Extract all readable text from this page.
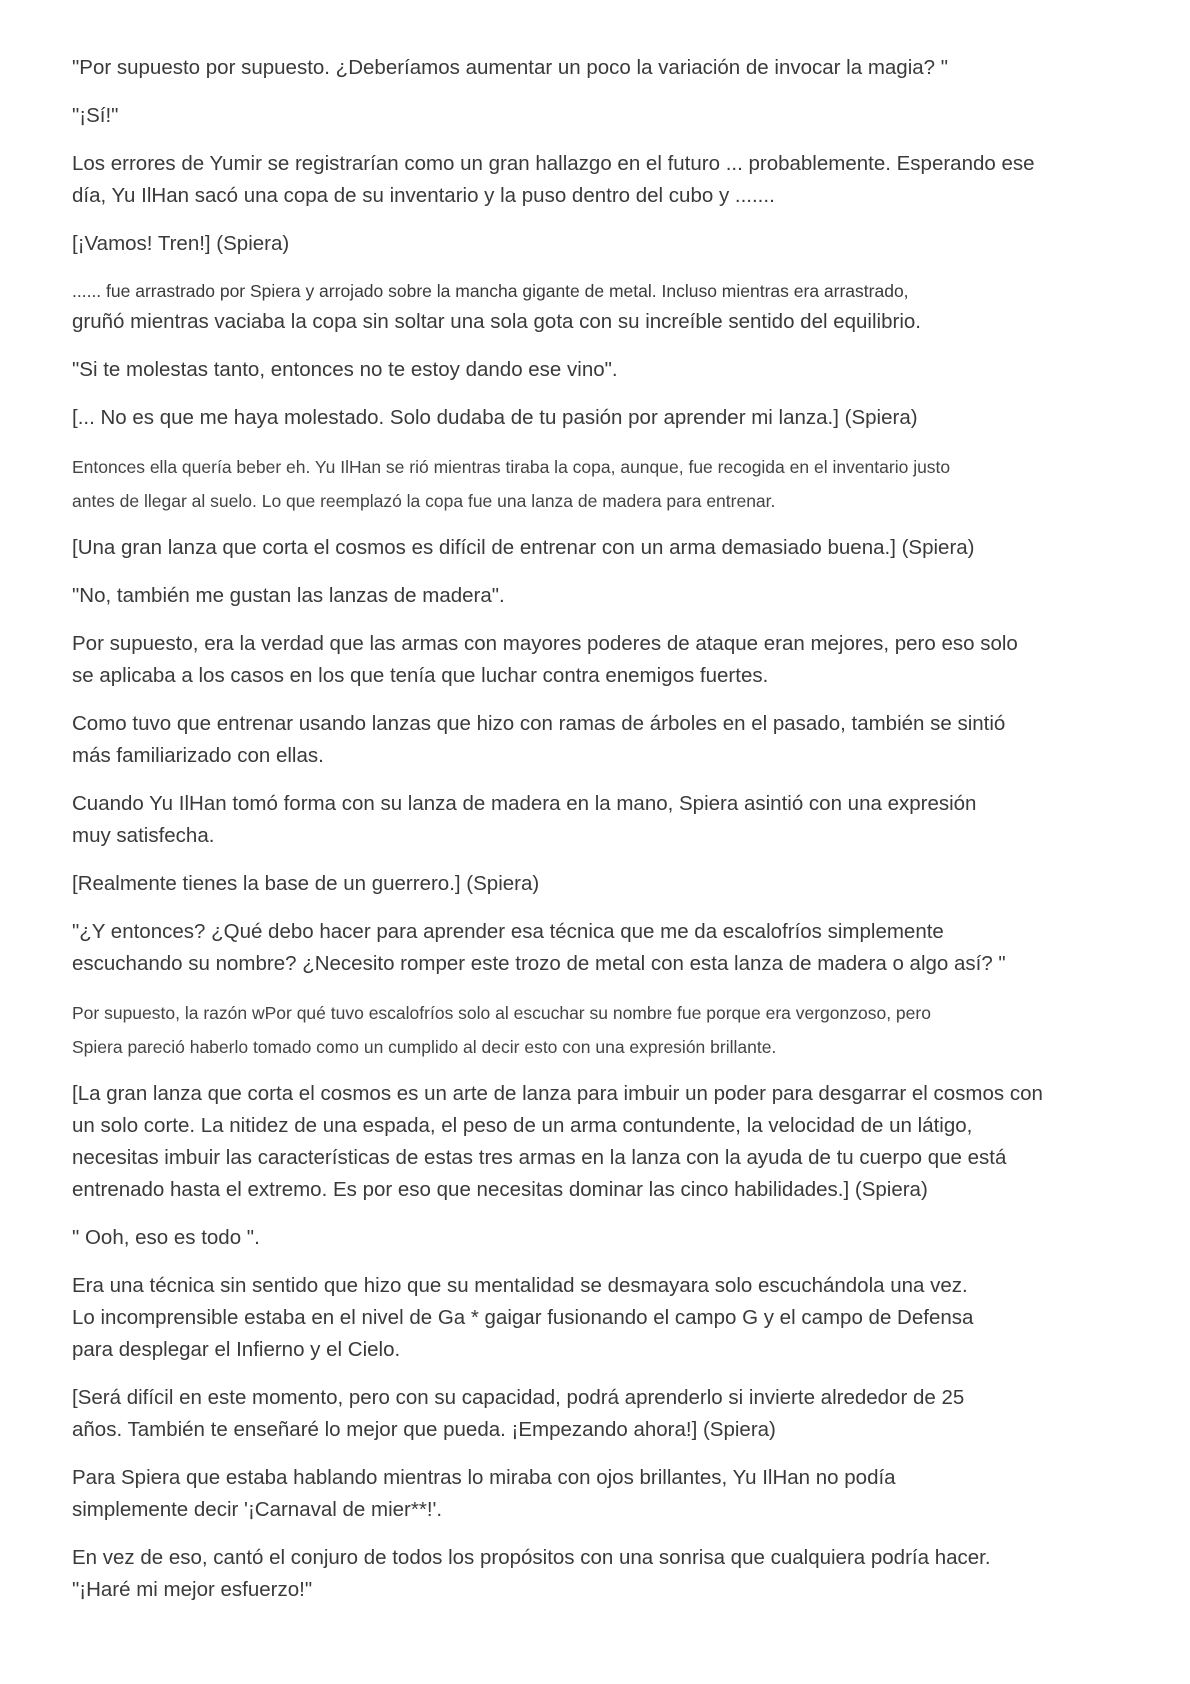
"Por supuesto por supuesto. ¿Deberíamos aumentar un poco la variación de invocar la magia? "
"¡Sí!"
Los errores de Yumir se registrarían como un gran hallazgo en el futuro ... probablemente. Esperando ese
día, Yu IlHan sacó una copa de su inventario y la puso dentro del cubo y .......
[¡Vamos! Tren!] (Spiera)
...... fue arrastrado por Spiera y arrojado sobre la mancha gigante de metal. Incluso mientras era arrastrado,
gruñó mientras vaciaba la copa sin soltar una sola gota con su increíble sentido del equilibrio.
"Si te molestas tanto, entonces no te estoy dando ese vino".
[... No es que me haya molestado. Solo dudaba de tu pasión por aprender mi lanza.] (Spiera)
Entonces ella quería beber eh. Yu IlHan se rió mientras tiraba la copa, aunque, fue recogida en el inventario justo
antes de llegar al suelo. Lo que reemplazó la copa fue una lanza de madera para entrenar.
[Una gran lanza que corta el cosmos es difícil de entrenar con un arma demasiado buena.] (Spiera)
"No, también me gustan las lanzas de madera".
Por supuesto, era la verdad que las armas con mayores poderes de ataque eran mejores, pero eso solo
se aplicaba a los casos en los que tenía que luchar contra enemigos fuertes.
Como tuvo que entrenar usando lanzas que hizo con ramas de árboles en el pasado, también se sintió
más familiarizado con ellas.
Cuando Yu IlHan tomó forma con su lanza de madera en la mano, Spiera asintió con una expresión
muy satisfecha.
[Realmente tienes la base de un guerrero.] (Spiera)
"¿Y entonces? ¿Qué debo hacer para aprender esa técnica que me da escalofríos simplemente
escuchando su nombre? ¿Necesito romper este trozo de metal con esta lanza de madera o algo así? "
Por supuesto, la razón wPor qué tuvo escalofríos solo al escuchar su nombre fue porque era vergonzoso, pero
Spiera pareció haberlo tomado como un cumplido al decir esto con una expresión brillante.
[La gran lanza que corta el cosmos es un arte de lanza para imbuir un poder para desgarrar el cosmos con
un solo corte. La nitidez de una espada, el peso de un arma contundente, la velocidad de un látigo,
necesitas imbuir las características de estas tres armas en la lanza con la ayuda de tu cuerpo que está
entrenado hasta el extremo. Es por eso que necesitas dominar las cinco habilidades.] (Spiera)
" Ooh, eso es todo ".
Era una técnica sin sentido que hizo que su mentalidad se desmayara solo escuchándola una vez.
Lo incomprensible estaba en el nivel de Ga * gaigar fusionando el campo G y el campo de Defensa
para desplegar el Infierno y el Cielo.
[Será difícil en este momento, pero con su capacidad, podrá aprenderlo si invierte alrededor de 25
años. También te enseñaré lo mejor que pueda. ¡Empezando ahora!] (Spiera)
Para Spiera que estaba hablando mientras lo miraba con ojos brillantes, Yu IlHan no podía
simplemente decir '¡Carnaval de mier**!'.
En vez de eso, cantó el conjuro de todos los propósitos con una sonrisa que cualquiera podría hacer.
"¡Haré mi mejor esfuerzo!"
